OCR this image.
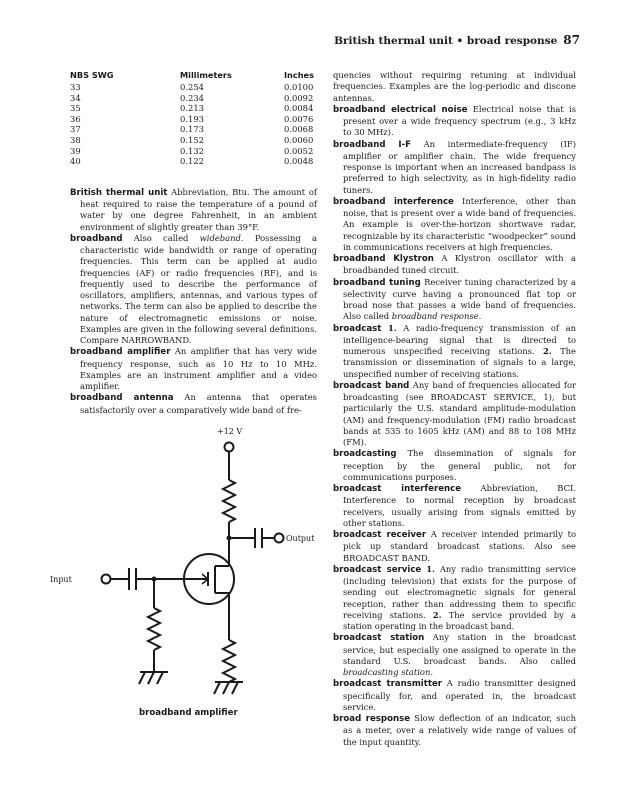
British thermal unit • broad response 87
NBS SWG	Millimeters	Inches
33	0.254	0.0100
34	0.234	0.0092
35	0.213	0.0084
36	0.193	0.0076
37	0.173	0.0068
38	0.152	0.0060
39	0.132	0.0052
40	0.122	0.0048

British thermal unit Abbreviation, Btu. The amount of heat required to raise the temperature of a pound of water by one degree Fahrenheit, in an ambient environment of slightly greater than 39°F.

broadband Also called wideband. Possessing a characteristic wide bandwidth or range of operating frequencies. This term can be applied at audio frequencies (AF) or radio frequencies (RF), and is frequently used to describe the performance of oscillators, amplifiers, antennas, and various types of networks. The term can also be applied to describe the nature of electromagnetic emissions or noise. Examples are given in the following several definitions. Compare NARROWBAND.

broadband amplifier An amplifier that has very wide frequency response, such as 10 Hz to 10 MHz. Examples are an instrument amplifier and a video amplifier.

broadband antenna An antenna that operates satisfactorily over a comparatively wide band of fre-

+12 V
Output
Input
broadband amplifier

quencies without requiring retuning at individual frequencies. Examples are the log-periodic and discone antennas.

broadband electrical noise Electrical noise that is present over a wide frequency spectrum (e.g., 3 kHz to 30 MHz).

broadband I-F An intermediate-frequency (IF) amplifier or amplifier chain. The wide frequency response is important when an increased bandpass is preferred to high selectivity, as in high-fidelity radio tuners.

broadband interference Interference, other than noise, that is present over a wide band of frequencies. An example is over-the-horizon shortwave radar, recognizable by its characteristic “woodpecker” sound in communications receivers at high frequencies.

broadband Klystron A Klystron oscillator with a broadbanded tuned circuit.

broadband tuning Receiver tuning characterized by a selectivity curve having a pronounced flat top or broad nose that passes a wide band of frequencies. Also called broadband response.

broadcast 1. A radio-frequency transmission of an intelligence-bearing signal that is directed to numerous unspecified receiving stations. 2. The transmission or dissemination of signals to a large, unspecified number of receiving stations.

broadcast band Any band of frequencies allocated for broadcasting (see BROADCAST SERVICE, 1), but particularly the U.S. standard amplitude-modulation (AM) and frequency-modulation (FM) radio broadcast bands at 535 to 1605 kHz (AM) and 88 to 108 MHz (FM).

broadcasting The dissemination of signals for reception by the general public, not for communications purposes.

broadcast interference Abbreviation, BCI. Interference to normal reception by broadcast receivers, usually arising from signals emitted by other stations.

broadcast receiver A receiver intended primarily to pick up standard broadcast stations. Also see BROADCAST BAND.

broadcast service 1. Any radio transmitting service (including television) that exists for the purpose of sending out electromagnetic signals for general reception, rather than addressing them to specific receiving stations. 2. The service provided by a station operating in the broadcast band.

broadcast station Any station in the broadcast service, but especially one assigned to operate in the standard U.S. broadcast bands. Also called broadcasting station.

broadcast transmitter A radio transmitter designed specifically for, and operated in, the broadcast service.

broad response Slow deflection of an indicator, such as a meter, over a relatively wide range of values of the input quantity.
